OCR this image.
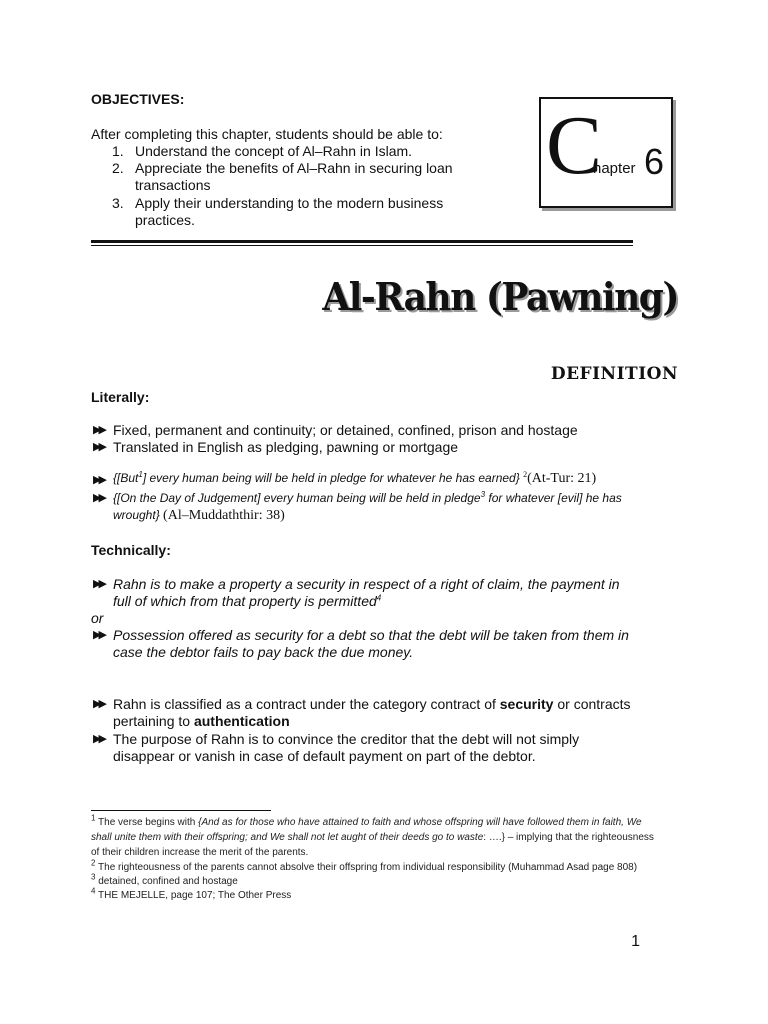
OBJECTIVES:
After completing this chapter, students should be able to:
1. Understand the concept of Al–Rahn in Islam.
2. Appreciate the benefits of Al–Rahn in securing loan
transactions
3. Apply their understanding to the modern business
practices.
C
hapter 6
Al-Rahn (Pawning)
DEFINITION
Literally:
▶▶ Fixed, permanent and continuity; or detained, confined, prison and hostage
▶▶ Translated in English as pledging, pawning or mortgage
▶▶ {[But$^1$] every human being will be held in pledge for whatever he has earned} $^2$(At-Tur: 21)
▶▶ {[On the Day of Judgement] every human being will be held in pledge$^3$ for whatever [evil] he has
wrought} (Al–Muddaththir: 38)
Technically:
▶▶ Rahn is to make a property a security in respect of a right of claim, the payment in
full of which from that property is permitted$^4$
or
▶▶ Possession offered as security for a debt so that the debt will be taken from them in
case the debtor fails to pay back the due money.
▶▶ Rahn is classified as a contract under the category contract of security or contracts
pertaining to authentication
▶▶ The purpose of Rahn is to convince the creditor that the debt will not simply
disappear or vanish in case of default payment on part of the debtor.
$^1$ The verse begins with {And as for those who have attained to faith and whose offspring will have followed them in faith, We
shall unite them with their offspring; and We shall not let aught of their deeds go to waste: ….} – implying that the righteousness
of their children increase the merit of the parents.
$^2$ The righteousness of the parents cannot absolve their offspring from individual responsibility (Muhammad Asad page 808)
$^3$ detained, confined and hostage
$^4$ THE MEJELLE, page 107; The Other Press
1
